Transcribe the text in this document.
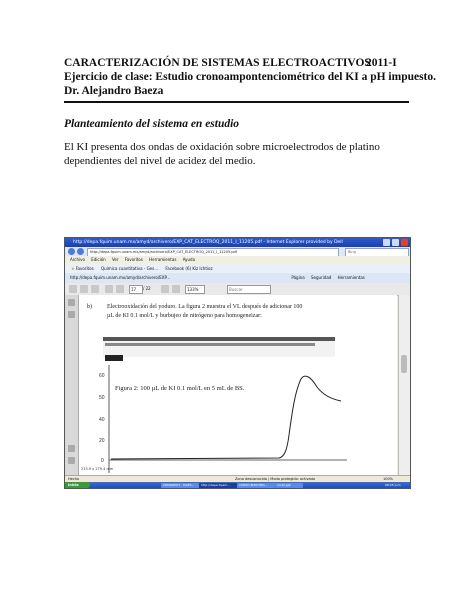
CARACTERIZACIÓN DE SISTEMAS ELECTROACTIVOS
2011-I
Ejercicio de clase: Estudio cronoampontenciométrico del KI a pH impuesto.
Dr. Alejandro Baeza
Planteamiento del sistema en estudio
El KI presenta dos ondas de oxidación sobre microelectrodos de platino dependientes del nivel de acidez del medio.
http://depa.fquim.unam.mx/amyd/archivero/EXP_CAT_ELECTROQ_2011_I_11205.pdf - Internet Explorer provided by Dell
http://depa.fquim.unam.mx/amyd/archivero/EXP_CAT_ELECTROQ_2011_I_11205.pdf	Bing
Archivo Edición Ver Favoritos Herramientas Ayuda
★Favoritos Química cuantitativa - Ges... Facebook (6) Kiz Ichtioz
http://depa.fquim.unam.mx/amyd/archivero/EXP...	Página Seguridad Herramientas
17	/ 22	133%	Buscar
b)	Electrooxidación del yoduro. La figura 2 muestra el VL después de adicionar 100
µL de KI 0.1 mol/L y burbujeo de nitrógeno para homogeneizar:
60
50
40
20
0
Figura 2: 100 µL de KI 0.1 mol/L en 5 mL de BS.
215.9 x 279.4 mm
Hecho	Zona desconocida | Modo protegido: activado	100%
Inicio	CRONOPOT - MAES...	http://depa.fquim...	CURSO ELECTRO...	13-KI.ppt	08:25 p.m.
